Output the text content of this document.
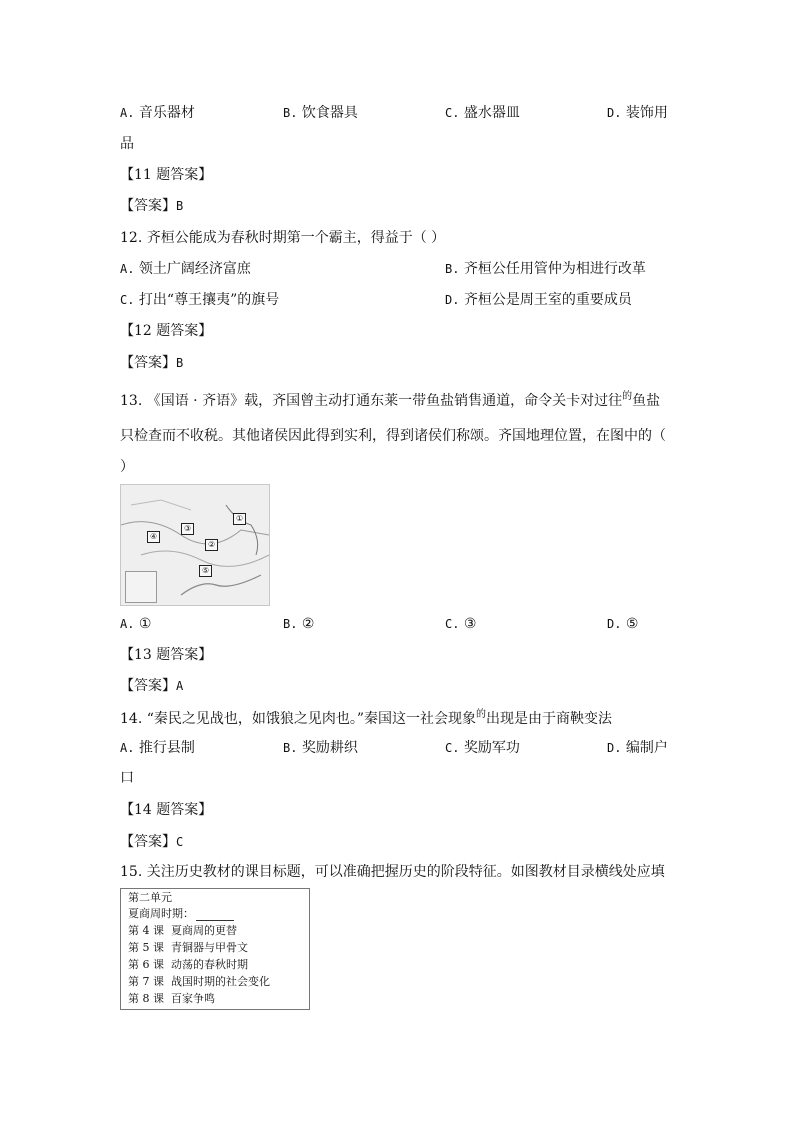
A. 音乐器材	B. 饮食器具	C. 盛水器皿	D. 装饰用
品
【11 题答案】
【答案】B
12. 齐桓公能成为春秋时期第一个霸主，得益于（ ）
A. 领土广阔经济富庶	B. 齐桓公任用管仲为相进行改革
C. 打出“尊王攘夷”的旗号	D. 齐桓公是周王室的重要成员
【12 题答案】
【答案】B
13. 《国语 · 齐语》载，齐国曾主动打通东莱一带鱼盐销售通道，命令关卡对过往$^的$鱼盐
只检查而不收税。其他诸侯因此得到实利，得到诸侯们称颂。齐国地理位置，在图中的（
）
①
②
③
④
⑤
A. ①	B. ②	C. ③	D. ⑤
【13 题答案】
【答案】A
14. “秦民之见战也，如饿狼之见肉也。”秦国这一社会现象$^的$出现是由于商鞅变法
A. 推行县制	B. 奖励耕织	C. 奖励军功	D. 编制户
口
【14 题答案】
【答案】C
15. 关注历史教材的课目标题，可以准确把握历史的阶段特征。如图教材目录横线处应填
第二单元
夏商周时期：
第 4 课 夏商周的更替
第 5 课 青铜器与甲骨文
第 6 课 动荡的春秋时期
第 7 课 战国时期的社会变化
第 8 课 百家争鸣
